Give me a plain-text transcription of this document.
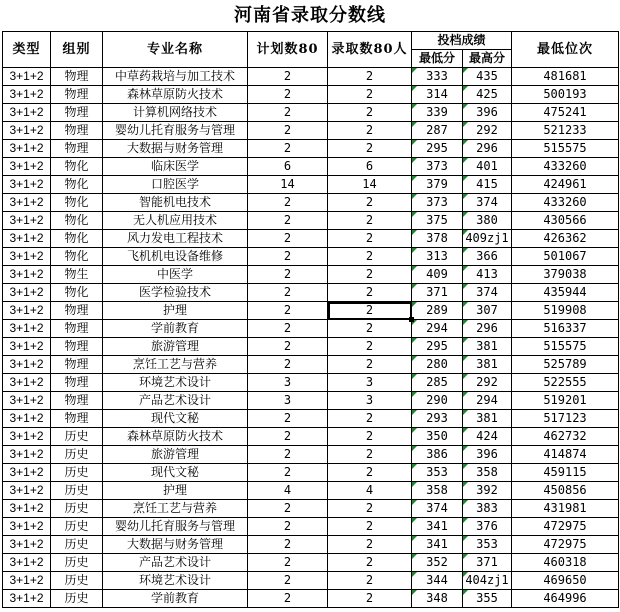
河南省录取分数线
类型	组别	专业名称	计划数80	录取数80人	投档成绩		最低位次
					最低分	最高分	
3+1+2	物理	中草药栽培与加工技术	2	2	333	435	481681
3+1+2	物理	森林草原防火技术	2	2	314	425	500193
3+1+2	物理	计算机网络技术	2	2	339	396	475241
3+1+2	物理	婴幼儿托育服务与管理	2	2	287	292	521233
3+1+2	物理	大数据与财务管理	2	2	295	296	515575
3+1+2	物化	临床医学	6	6	373	401	433260
3+1+2	物化	口腔医学	14	14	379	415	424961
3+1+2	物化	智能机电技术	2	2	373	374	433260
3+1+2	物化	无人机应用技术	2	2	375	380	430566
3+1+2	物化	风力发电工程技术	2	2	378	409zj1	426362
3+1+2	物化	飞机机电设备维修	2	2	313	366	501067
3+1+2	物生	中医学	2	2	409	413	379038
3+1+2	物化	医学检验技术	2	2	371	374	435944
3+1+2	物理	护理	2	2	289	307	519908
3+1+2	物理	学前教育	2	2	294	296	516337
3+1+2	物理	旅游管理	2	2	295	381	515575
3+1+2	物理	烹饪工艺与营养	2	2	280	381	525789
3+1+2	物理	环境艺术设计	3	3	285	292	522555
3+1+2	物理	产品艺术设计	3	3	290	294	519201
3+1+2	物理	现代文秘	2	2	293	381	517123
3+1+2	历史	森林草原防火技术	2	2	350	424	462732
3+1+2	历史	旅游管理	2	2	386	396	414874
3+1+2	历史	现代文秘	2	2	353	358	459115
3+1+2	历史	护理	4	4	358	392	450856
3+1+2	历史	烹饪工艺与营养	2	2	374	383	431981
3+1+2	历史	婴幼儿托育服务与管理	2	2	341	376	472975
3+1+2	历史	大数据与财务管理	2	2	341	353	472975
3+1+2	历史	产品艺术设计	2	2	352	371	460318
3+1+2	历史	环境艺术设计	2	2	344	404zj1	469650
3+1+2	历史	学前教育	2	2	348	355	464996
